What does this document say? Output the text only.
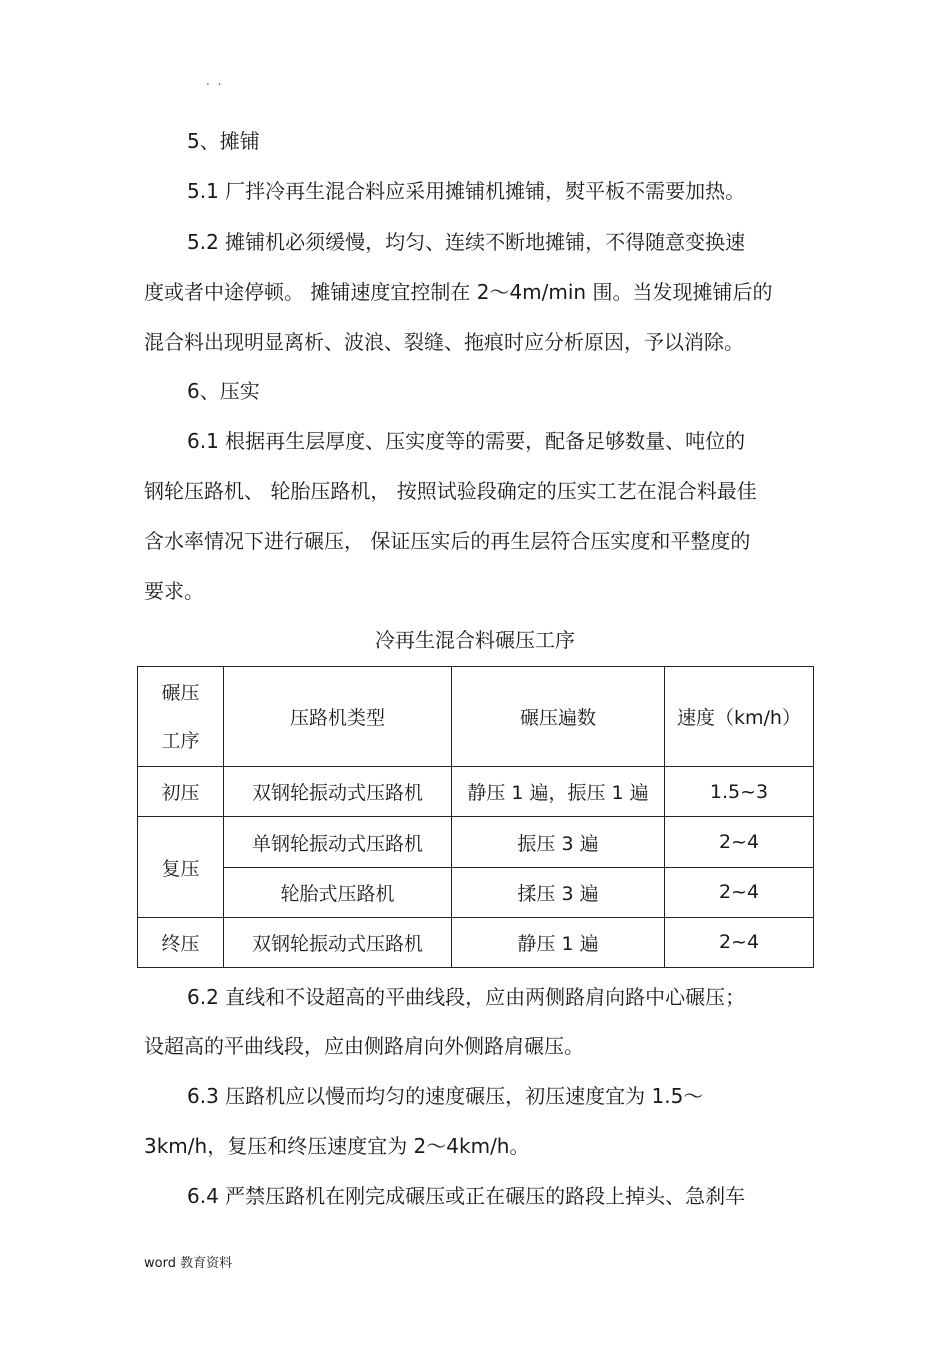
. .
5、摊铺
5.1 厂拌冷再生混合料应采用摊铺机摊铺，熨平板不需要加热。
5.2 摊铺机必须缓慢，均匀、连续不断地摊铺，不得随意变换速
度或者中途停顿。 摊铺速度宜控制在 2～4m/min 围。当发现摊铺后的
混合料出现明显离析、波浪、裂缝、拖痕时应分析原因，予以消除。
6、压实
6.1 根据再生层厚度、压实度等的需要，配备足够数量、吨位的
钢轮压路机、 轮胎压路机， 按照试验段确定的压实工艺在混合料最佳
含水率情况下进行碾压， 保证压实后的再生层符合压实度和平整度的
要求。
冷再生混合料碾压工序
碾压
工序	压路机类型	碾压遍数	速度（km/h）
初压	双钢轮振动式压路机	静压 1 遍，振压 1 遍	1.5~3
复压	单钢轮振动式压路机	振压 3 遍	2~4
	轮胎式压路机	揉压 3 遍	2~4
终压	双钢轮振动式压路机	静压 1 遍	2~4
6.2 直线和不设超高的平曲线段，应由两侧路肩向路中心碾压；
设超高的平曲线段，应由侧路肩向外侧路肩碾压。
6.3 压路机应以慢而均匀的速度碾压，初压速度宜为 1.5～
3km/h，复压和终压速度宜为 2～4km/h。
6.4 严禁压路机在刚完成碾压或正在碾压的路段上掉头、急刹车
word 教育资料
